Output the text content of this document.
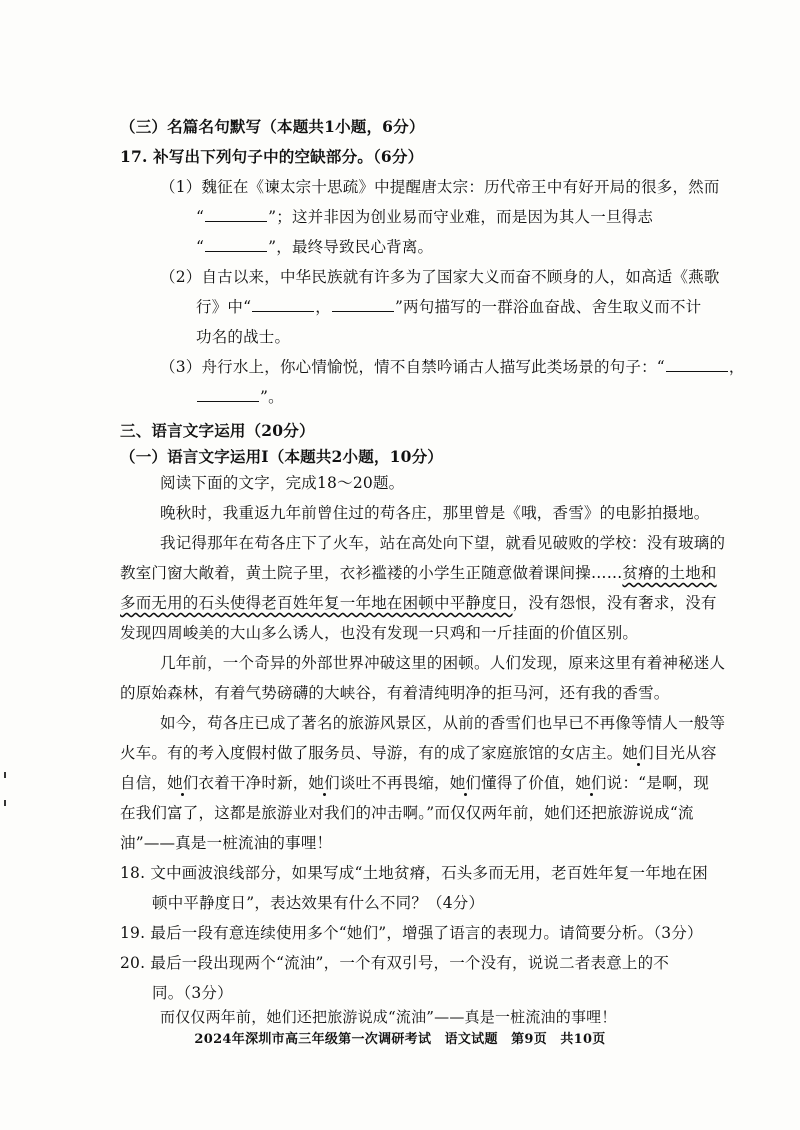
（三）名篇名句默写（本题共1小题，6分）
17. 补写出下列句子中的空缺部分。（6分）
（1）魏征在《谏太宗十思疏》中提醒唐太宗：历代帝王中有好开局的很多，然而
“	”；这并非因为创业易而守业难，而是因为其人一旦得志
“	”，最终导致民心背离。
（2）自古以来，中华民族就有许多为了国家大义而奋不顾身的人，如高适《燕歌
行》中“	，	”两句描写的一群浴血奋战、舍生取义而不计
功名的战士。
（3）舟行水上，你心情愉悦，情不自禁吟诵古人描写此类场景的句子：“	，
”。
三、语言文字运用（20分）
（一）语言文字运用Ⅰ（本题共2小题，10分）
阅读下面的文字，完成18～20题。
晚秋时，我重返九年前曾住过的苟各庄，那里曾是《哦，香雪》的电影拍摄地。
我记得那年在苟各庄下了火车，站在高处向下望，就看见破败的学校：没有玻璃的
教室门窗大敞着，黄土院子里，衣衫褴褛的小学生正随意做着课间操……贫瘠的土地和
多而无用的石头使得老百姓年复一年地在困顿中平静度日，没有怨恨，没有奢求，没有
发现四周峻美的大山多么诱人，也没有发现一只鸡和一斤挂面的价值区别。
几年前，一个奇异的外部世界冲破这里的困顿。人们发现，原来这里有着神秘迷人
的原始森林，有着气势磅礴的大峡谷，有着清纯明净的拒马河，还有我的香雪。
如今，苟各庄已成了著名的旅游风景区，从前的香雪们也早已不再像等情人一般等
火车。有的考入度假村做了服务员、导游，有的成了家庭旅馆的女店主。她们目光从容
自信，她们衣着干净时新，她们谈吐不再畏缩，她们懂得了价值，她们说：“是啊，现
在我们富了，这都是旅游业对我们的冲击啊。”而仅仅两年前，她们还把旅游说成“流
油”——真是一桩流油的事哩！
18. 文中画波浪线部分，如果写成“土地贫瘠，石头多而无用，老百姓年复一年地在困
顿中平静度日”，表达效果有什么不同？（4分）
19. 最后一段有意连续使用多个“她们”，增强了语言的表现力。请简要分析。（3分）
20. 最后一段出现两个“流油”，一个有双引号，一个没有，说说二者表意上的不
同。（3分）
而仅仅两年前，她们还把旅游说成“流油”——真是一桩流油的事哩！
2024年深圳市高三年级第一次调研考试　语文试题　第9页　共10页
